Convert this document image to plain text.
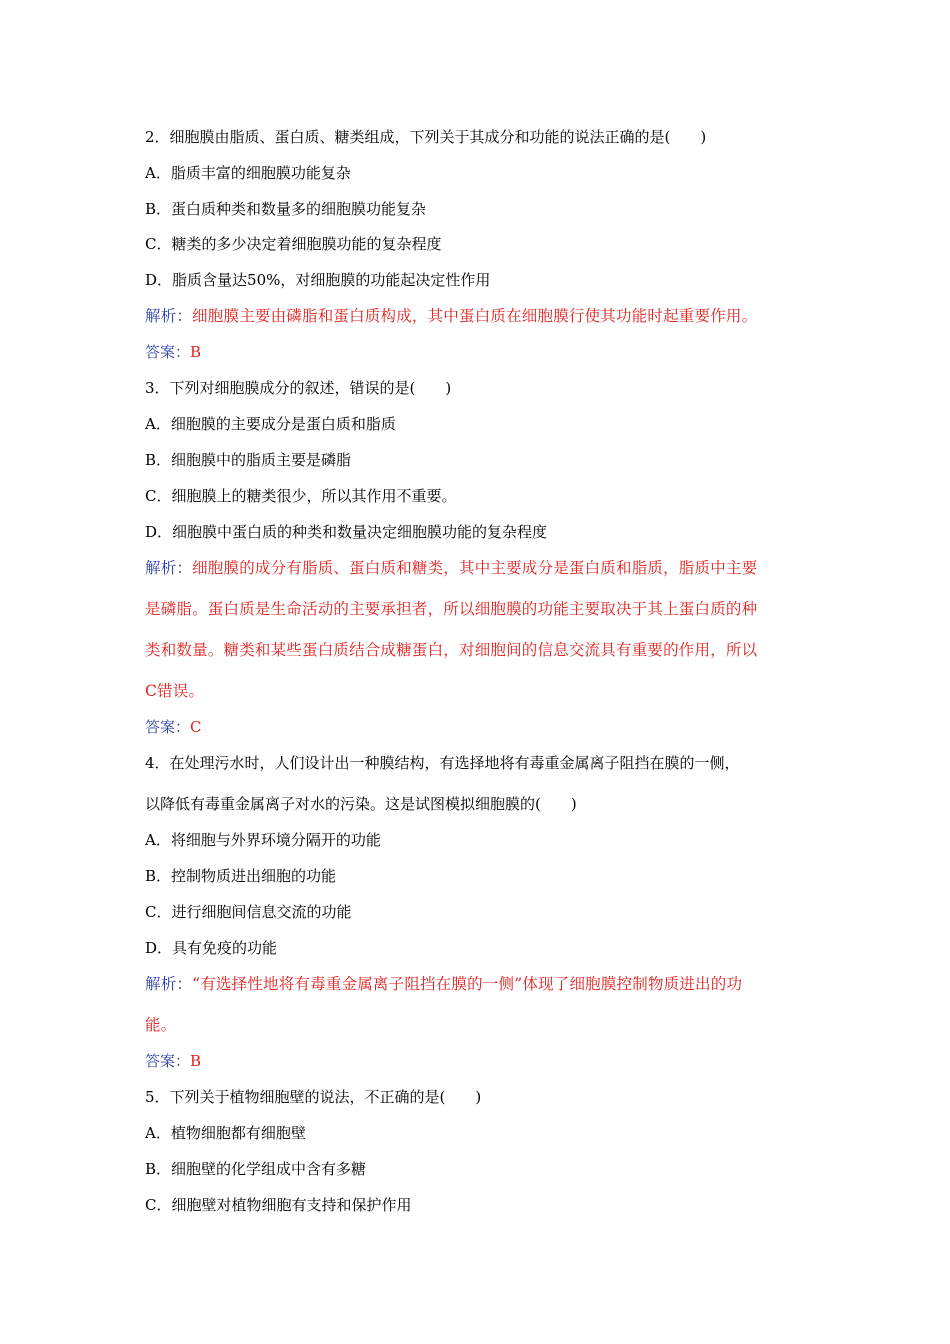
2．细胞膜由脂质、蛋白质、糖类组成，下列关于其成分和功能的说法正确的是(　　)
A．脂质丰富的细胞膜功能复杂
B．蛋白质种类和数量多的细胞膜功能复杂
C．糖类的多少决定着细胞膜功能的复杂程度
D．脂质含量达50%，对细胞膜的功能起决定性作用
解析：细胞膜主要由磷脂和蛋白质构成，其中蛋白质在细胞膜行使其功能时起重要作用。
答案：B
3．下列对细胞膜成分的叙述，错误的是(　　)
A．细胞膜的主要成分是蛋白质和脂质
B．细胞膜中的脂质主要是磷脂
C．细胞膜上的糖类很少，所以其作用不重要。
D．细胞膜中蛋白质的种类和数量决定细胞膜功能的复杂程度
解析：细胞膜的成分有脂质、蛋白质和糖类，其中主要成分是蛋白质和脂质，脂质中主要
是磷脂。蛋白质是生命活动的主要承担者，所以细胞膜的功能主要取决于其上蛋白质的种
类和数量。糖类和某些蛋白质结合成糖蛋白，对细胞间的信息交流具有重要的作用，所以
C错误。
答案：C
4．在处理污水时，人们设计出一种膜结构，有选择地将有毒重金属离子阻挡在膜的一侧，
以降低有毒重金属离子对水的污染。这是试图模拟细胞膜的(　　)
A．将细胞与外界环境分隔开的功能
B．控制物质进出细胞的功能
C．进行细胞间信息交流的功能
D．具有免疫的功能
解析：“有选择性地将有毒重金属离子阻挡在膜的一侧”体现了细胞膜控制物质进出的功
能。
答案：B
5．下列关于植物细胞壁的说法，不正确的是(　　)
A．植物细胞都有细胞壁
B．细胞壁的化学组成中含有多糖
C．细胞壁对植物细胞有支持和保护作用
